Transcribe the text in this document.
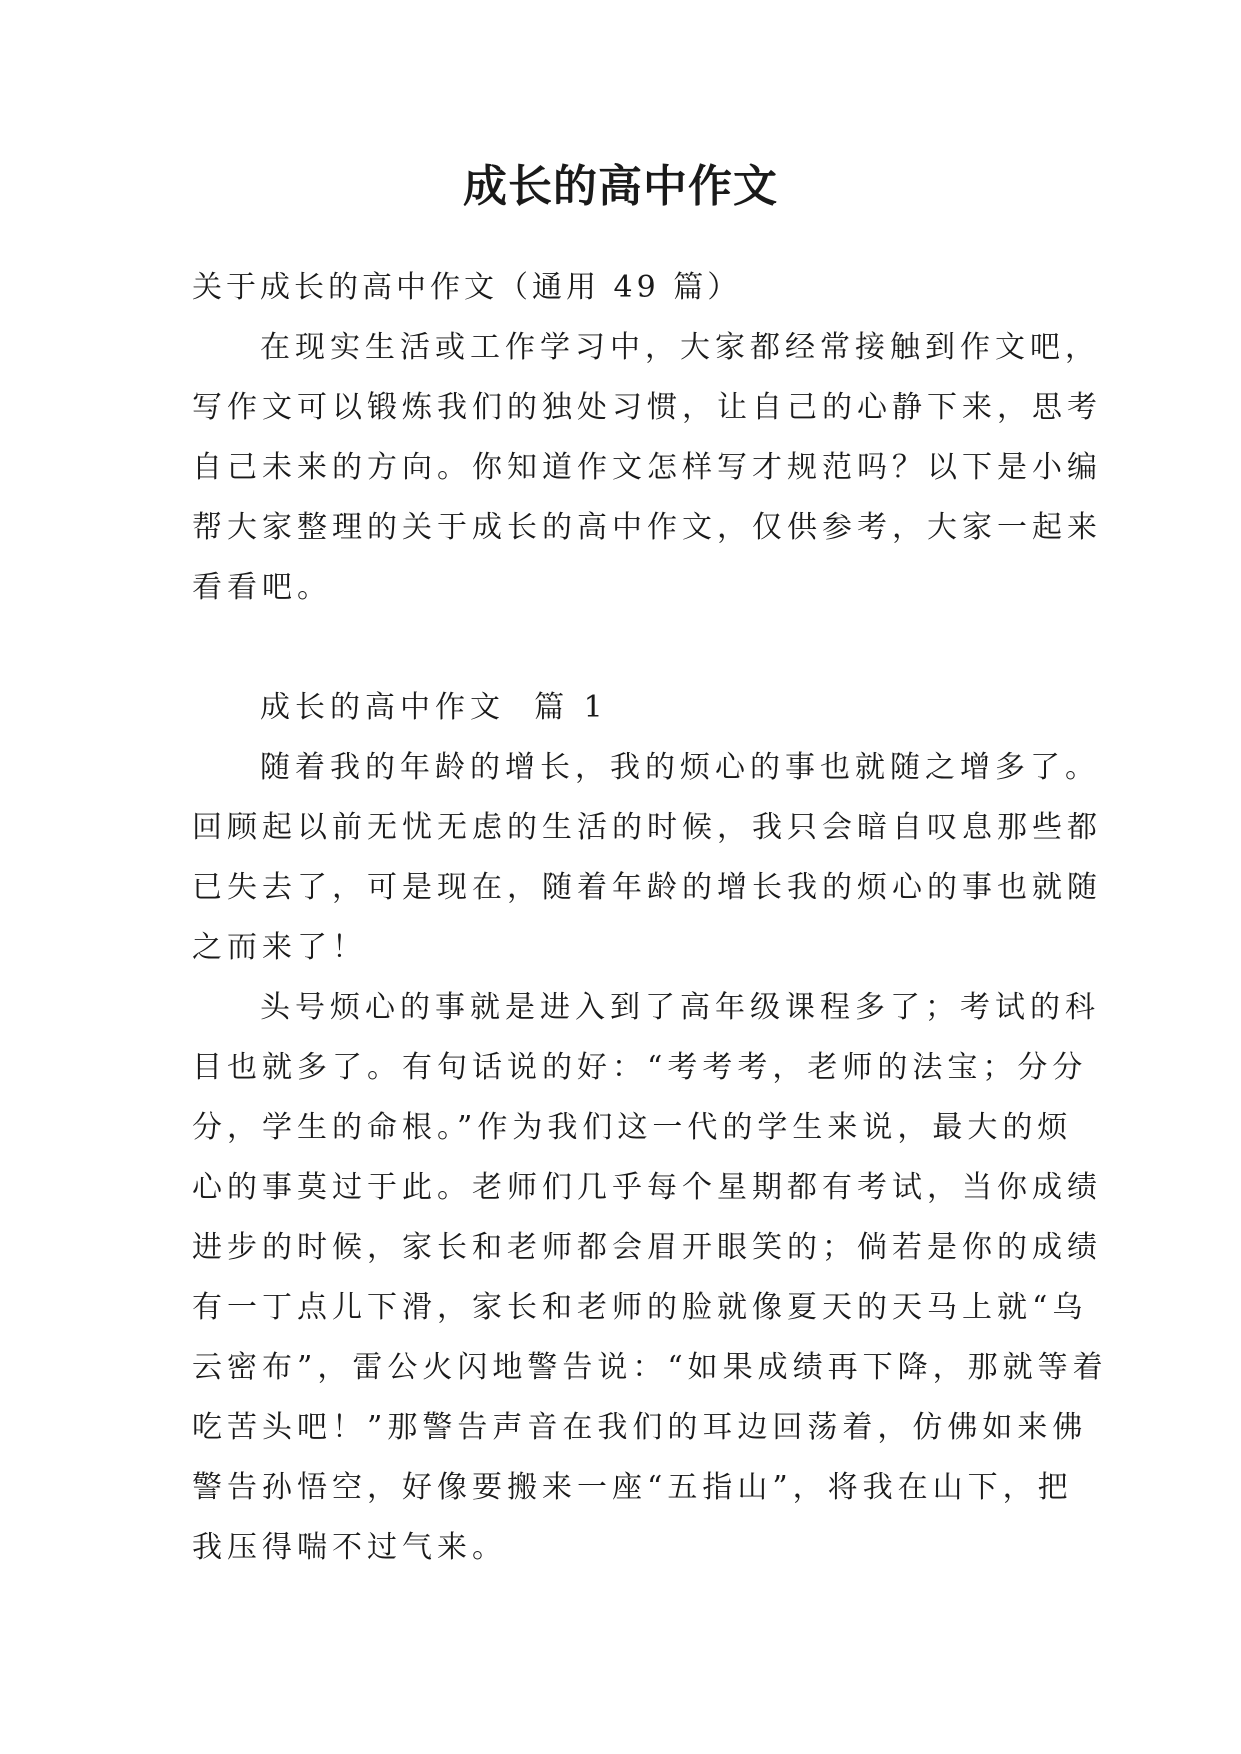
成长的高中作文
关于成长的高中作文（通用 49 篇）
在现实生活或工作学习中，大家都经常接触到作文吧，
写作文可以锻炼我们的独处习惯，让自己的心静下来，思考
自己未来的方向。你知道作文怎样写才规范吗？以下是小编
帮大家整理的关于成长的高中作文，仅供参考，大家一起来
看看吧。
成长的高中作文  篇 1
随着我的年龄的增长，我的烦心的事也就随之增多了。
回顾起以前无忧无虑的生活的时候，我只会暗自叹息那些都
已失去了，可是现在，随着年龄的增长我的烦心的事也就随
之而来了！
头号烦心的事就是进入到了高年级课程多了；考试的科
目也就多了。有句话说的好：“考考考，老师的法宝；分分
分，学生的命根。”作为我们这一代的学生来说，最大的烦
心的事莫过于此。老师们几乎每个星期都有考试，当你成绩
进步的时候，家长和老师都会眉开眼笑的；倘若是你的成绩
有一丁点儿下滑，家长和老师的脸就像夏天的天马上就“乌
云密布”，雷公火闪地警告说：“如果成绩再下降，那就等着
吃苦头吧！”那警告声音在我们的耳边回荡着，仿佛如来佛
警告孙悟空，好像要搬来一座“五指山”，将我在山下，把
我压得喘不过气来。
